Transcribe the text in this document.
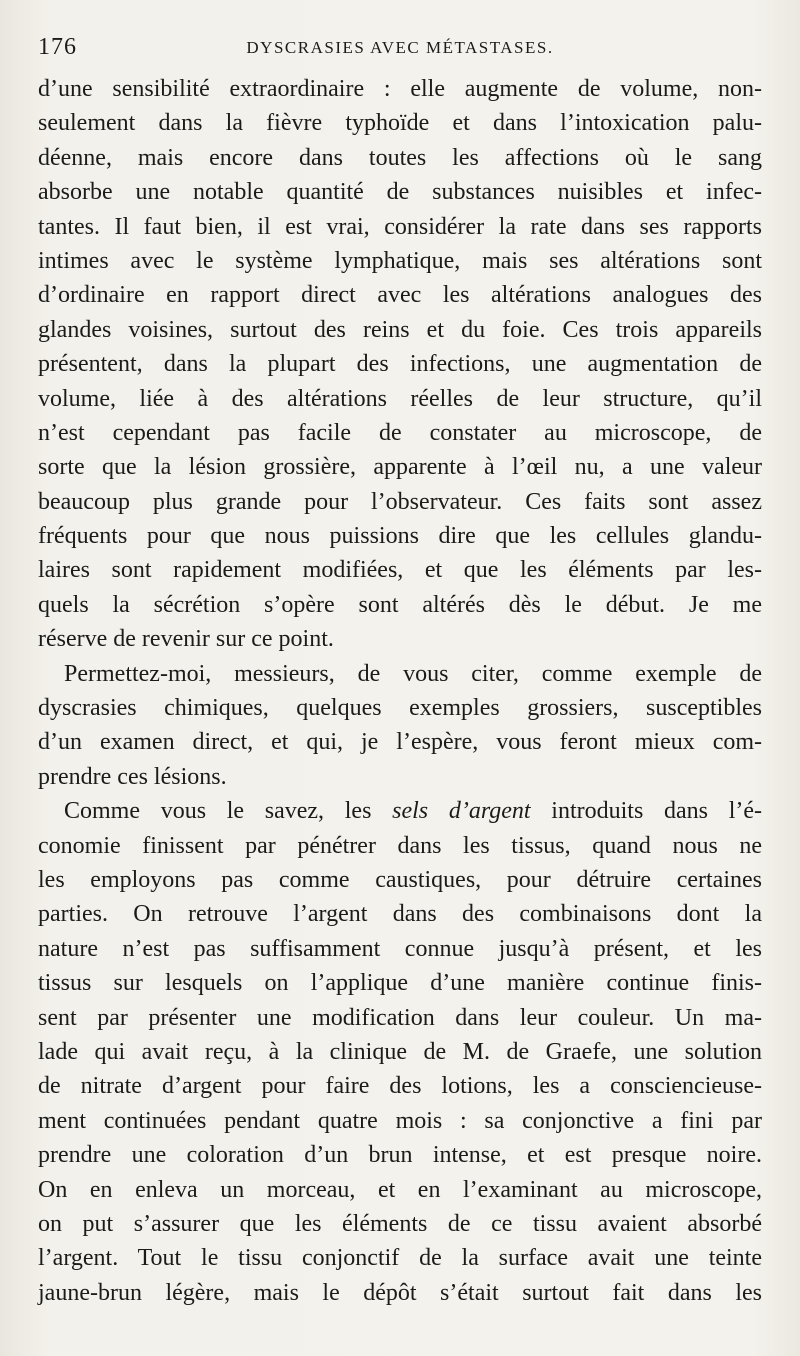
176	DYSCRASIES AVEC MÉTASTASES.
d’une sensibilité extraordinaire : elle augmente de volume, non-
seulement dans la fièvre typhoïde et dans l’intoxication palu-
déenne, mais encore dans toutes les affections où le sang
absorbe une notable quantité de substances nuisibles et infec-
tantes. Il faut bien, il est vrai, considérer la rate dans ses rapports
intimes avec le système lymphatique, mais ses altérations sont
d’ordinaire en rapport direct avec les altérations analogues des
glandes voisines, surtout des reins et du foie. Ces trois appareils
présentent, dans la plupart des infections, une augmentation de
volume, liée à des altérations réelles de leur structure, qu’il
n’est cependant pas facile de constater au microscope, de
sorte que la lésion grossière, apparente à l’œil nu, a une valeur
beaucoup plus grande pour l’observateur. Ces faits sont assez
fréquents pour que nous puissions dire que les cellules glandu-
laires sont rapidement modifiées, et que les éléments par les-
quels la sécrétion s’opère sont altérés dès le début. Je me
réserve de revenir sur ce point.
Permettez-moi, messieurs, de vous citer, comme exemple de
dyscrasies chimiques, quelques exemples grossiers, susceptibles
d’un examen direct, et qui, je l’espère, vous feront mieux com-
prendre ces lésions.
Comme vous le savez, les sels d’argent introduits dans l’é-
conomie finissent par pénétrer dans les tissus, quand nous ne
les employons pas comme caustiques, pour détruire certaines
parties. On retrouve l’argent dans des combinaisons dont la
nature n’est pas suffisamment connue jusqu’à présent, et les
tissus sur lesquels on l’applique d’une manière continue finis-
sent par présenter une modification dans leur couleur. Un ma-
lade qui avait reçu, à la clinique de M. de Graefe, une solution
de nitrate d’argent pour faire des lotions, les a consciencieuse-
ment continuées pendant quatre mois : sa conjonctive a fini par
prendre une coloration d’un brun intense, et est presque noire.
On en enleva un morceau, et en l’examinant au microscope,
on put s’assurer que les éléments de ce tissu avaient absorbé
l’argent. Tout le tissu conjonctif de la surface avait une teinte
jaune-brun légère, mais le dépôt s’était surtout fait dans les
